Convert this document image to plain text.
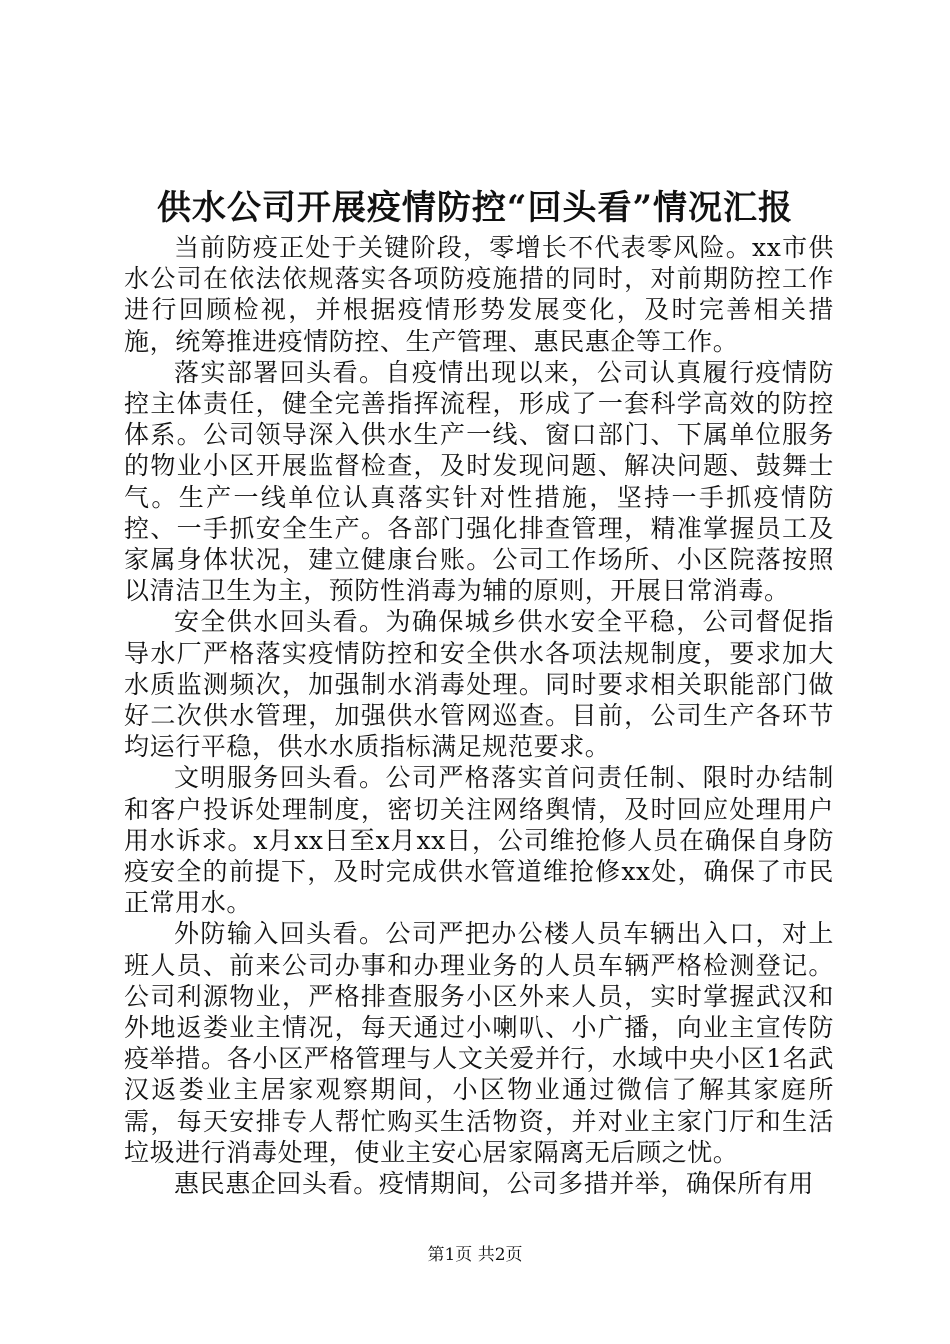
供水公司开展疫情防控“回头看”情况汇报

当前防疫正处于关键阶段，零增长不代表零风险。xx市供水公司在依法依规落实各项防疫施措的同时，对前期防控工作进行回顾检视，并根据疫情形势发展变化，及时完善相关措施，统筹推进疫情防控、生产管理、惠民惠企等工作。

落实部署回头看。自疫情出现以来，公司认真履行疫情防控主体责任，健全完善指挥流程，形成了一套科学高效的防控体系。公司领导深入供水生产一线、窗口部门、下属单位服务的物业小区开展监督检查，及时发现问题、解决问题、鼓舞士气。生产一线单位认真落实针对性措施，坚持一手抓疫情防控、一手抓安全生产。各部门强化排查管理，精准掌握员工及家属身体状况，建立健康台账。公司工作场所、小区院落按照以清洁卫生为主，预防性消毒为辅的原则，开展日常消毒。

安全供水回头看。为确保城乡供水安全平稳，公司督促指导水厂严格落实疫情防控和安全供水各项法规制度，要求加大水质监测频次，加强制水消毒处理。同时要求相关职能部门做好二次供水管理，加强供水管网巡查。目前，公司生产各环节均运行平稳，供水水质指标满足规范要求。

文明服务回头看。公司严格落实首问责任制、限时办结制和客户投诉处理制度，密切关注网络舆情，及时回应处理用户用水诉求。x月xx日至x月xx日，公司维抢修人员在确保自身防疫安全的前提下，及时完成供水管道维抢修xx处，确保了市民正常用水。

外防输入回头看。公司严把办公楼人员车辆出入口，对上班人员、前来公司办事和办理业务的人员车辆严格检测登记。公司利源物业，严格排查服务小区外来人员，实时掌握武汉和外地返娄业主情况，每天通过小喇叭、小广播，向业主宣传防疫举措。各小区严格管理与人文关爱并行，水域中央小区1名武汉返娄业主居家观察期间，小区物业通过微信了解其家庭所需，每天安排专人帮忙购买生活物资，并对业主家门厅和生活垃圾进行消毒处理，使业主安心居家隔离无后顾之忧。

惠民惠企回头看。疫情期间，公司多措并举，确保所有用

第1页 共2页
